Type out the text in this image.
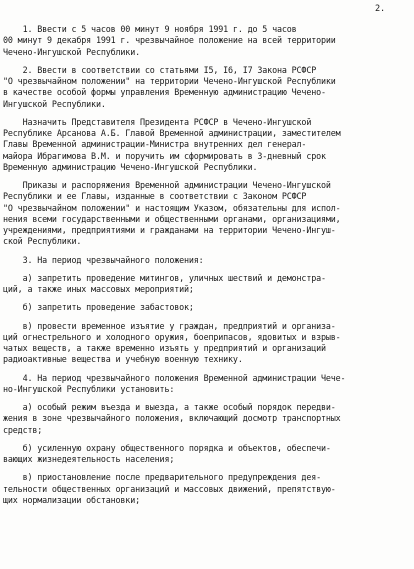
2.
1. Ввести с 5 часов 00 минут 9 ноября 1991 г. до 5 часов
00 минут 9 декабря 1991 г. чрезвычайное положение на всей территории
Чечено-Ингушской Республики.
2. Ввести в соответствии со статьями I5, I6, I7 Закона РСФСР
"О чрезвычайном положении" на территории Чечено-Ингушской Республики
в качестве особой формы управления Временную администрацию Чечено-
Ингушской Республики.
Назначить Представителя Президента РСФСР в Чечено-Ингушской
Республике Арсанова А.Б. Главой Временной администрации, заместителем
Главы Временной администрации-Министра внутренних дел генерал-
майора Ибрагимова В.М. и поручить им сформировать в 3-дневный срок
Временную администрацию Чечено-Ингушской Республики.
Приказы и распоряжения Временной администрации Чечено-Ингушской
Республики и ее Главы, изданные в соответствии с Законом РСФСР
"О чрезвычайном положении" и настоящим Указом, обязательны для испол-
нения всеми государственными и общественными органами, организациями,
учреждениями, предприятиями и гражданами на территории Чечено-Ингуш-
ской Республики.
3. На период чрезвычайного положения:
а) запретить проведение митингов, уличных шествий и демонстра-
ций, а также иных массовых мероприятий;
б) запретить проведение забастовок;
в) провести временное изъятие у граждан, предприятий и организа-
ций огнестрельного и холодного оружия, боеприпасов, ядовитых и взрыв-
чатых веществ, а также временно изъять у предприятий и организаций
радиоактивные вещества и учебную военную технику.
4. На период чрезвычайного положения Временной администрации Чече-
но-Ингушской Республики установить:
а) особый режим въезда и выезда, а также особый порядок передви-
жения в зоне чрезвычайного положения, включающий досмотр транспортных
средств;
б) усиленную охрану общественного порядка и объектов, обеспечи-
вающих жизнедеятельность населения;
в) приостановление после предварительного предупреждения дея-
тельности общественных организаций и массовых движений, препятствую-
щих нормализации обстановки;
